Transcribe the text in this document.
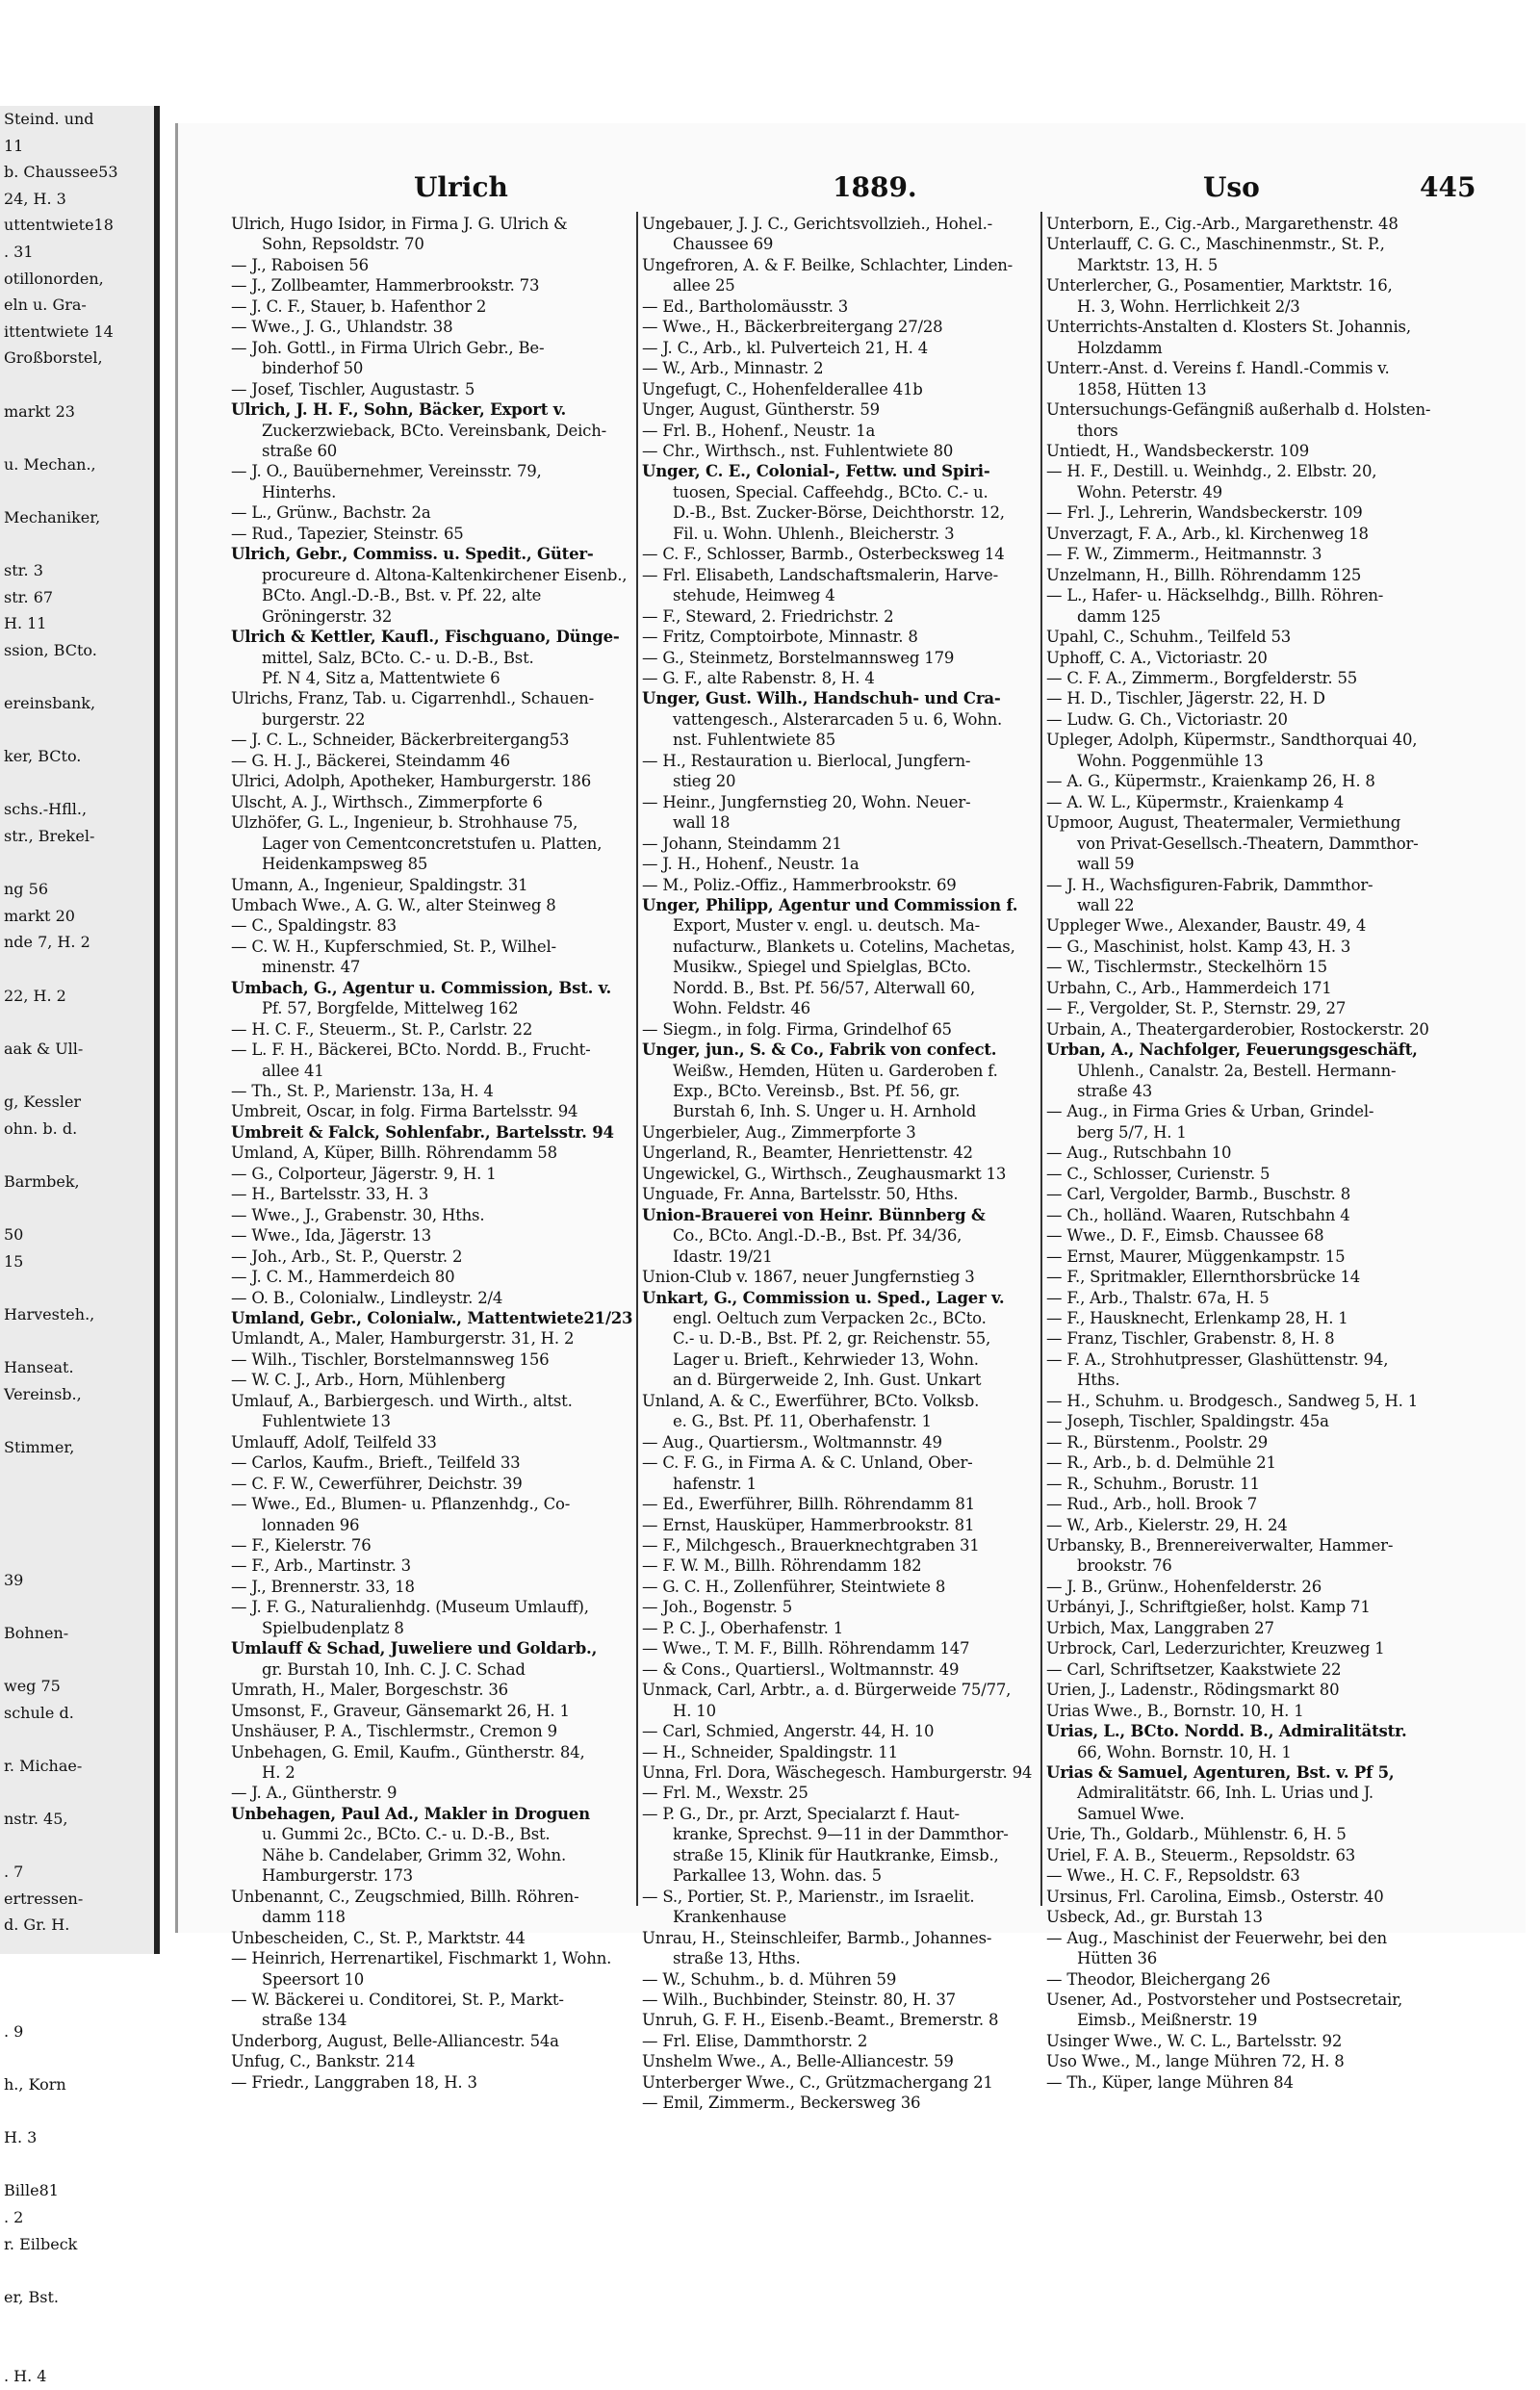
Steind. und
11
b. Chaussee53
24, H. 3
uttentwiete18
. 31
otillonorden,
eln u. Gra-
ittentwiete 14
Großborstel,

markt 23

u. Mechan.,

Mechaniker,

str. 3
str. 67
H. 11
ssion, BCto.

ereinsbank,

ker, BCto.

schs.-Hfll.,
str., Brekel-

ng 56
markt 20
nde 7, H. 2

22, H. 2

aak & Ull-

g, Kessler
ohn. b. d.

Barmbek,

50
15

Harvesteh.,

Hanseat.
Vereinsb.,

Stimmer,

39

Bohnen-

weg 75
schule d.

r. Michae-

nstr. 45,

. 7
ertressen-
d. Gr. H.

. 9

h., Korn

H. 3

Bille81
. 2
r. Eilbeck

er, Bst.

. H. 4
Ulrich	1889.	Uso	445
Ulrich, Hugo Isidor, in Firma J. G. Ulrich &
Sohn, Repsoldstr. 70
— J., Raboisen 56
— J., Zollbeamter, Hammerbrookstr. 73
— J. C. F., Stauer, b. Hafenthor 2
— Wwe., J. G., Uhlandstr. 38
— Joh. Gottl., in Firma Ulrich Gebr., Be-
binderhof 50
— Josef, Tischler, Augustastr. 5
Ulrich, J. H. F., Sohn, Bäcker, Export v.
Zuckerzwieback, BCto. Vereinsbank, Deich-
straße 60
— J. O., Bauübernehmer, Vereinsstr. 79,
Hinterhs.
— L., Grünw., Bachstr. 2a
— Rud., Tapezier, Steinstr. 65
Ulrich, Gebr., Commiss. u. Spedit., Güter-
procureure d. Altona-Kaltenkirchener Eisenb.,
BCto. Angl.-D.-B., Bst. v. Pf. 22, alte
Gröningerstr. 32
Ulrich & Kettler, Kaufl., Fischguano, Dünge-
mittel, Salz, BCto. C.- u. D.-B., Bst.
Pf. N 4, Sitz a, Mattentwiete 6
Ulrichs, Franz, Tab. u. Cigarrenhdl., Schauen-
burgerstr. 22
— J. C. L., Schneider, Bäckerbreitergang53
— G. H. J., Bäckerei, Steindamm 46
Ulrici, Adolph, Apotheker, Hamburgerstr. 186
Ulscht, A. J., Wirthsch., Zimmerpforte 6
Ulzhöfer, G. L., Ingenieur, b. Strohhause 75,
Lager von Cementconcretstufen u. Platten,
Heidenkampsweg 85
Umann, A., Ingenieur, Spaldingstr. 31
Umbach Wwe., A. G. W., alter Steinweg 8
— C., Spaldingstr. 83
— C. W. H., Kupferschmied, St. P., Wilhel-
minenstr. 47
Umbach, G., Agentur u. Commission, Bst. v.
Pf. 57, Borgfelde, Mittelweg 162
— H. C. F., Steuerm., St. P., Carlstr. 22
— L. F. H., Bäckerei, BCto. Nordd. B., Frucht-
allee 41
— Th., St. P., Marienstr. 13a, H. 4
Umbreit, Oscar, in folg. Firma Bartelsstr. 94
Umbreit & Falck, Sohlenfabr., Bartelsstr. 94
Umland, A, Küper, Billh. Röhrendamm 58
— G., Colporteur, Jägerstr. 9, H. 1
— H., Bartelsstr. 33, H. 3
— Wwe., J., Grabenstr. 30, Hths.
— Wwe., Ida, Jägerstr. 13
— Joh., Arb., St. P., Querstr. 2
— J. C. M., Hammerdeich 80
— O. B., Colonialw., Lindleystr. 2/4
Umland, Gebr., Colonialw., Mattentwiete21/23
Umlandt, A., Maler, Hamburgerstr. 31, H. 2
— Wilh., Tischler, Borstelmannsweg 156
— W. C. J., Arb., Horn, Mühlenberg
Umlauf, A., Barbiergesch. und Wirth., altst.
Fuhlentwiete 13
Umlauff, Adolf, Teilfeld 33
— Carlos, Kaufm., Brieft., Teilfeld 33
— C. F. W., Cewerführer, Deichstr. 39
— Wwe., Ed., Blumen- u. Pflanzenhdg., Co-
lonnaden 96
— F., Kielerstr. 76
— F., Arb., Martinstr. 3
— J., Brennerstr. 33, 18
— J. F. G., Naturalienhdg. (Museum Umlauff),
Spielbudenplatz 8
Umlauff & Schad, Juweliere und Goldarb.,
gr. Burstah 10, Inh. C. J. C. Schad
Umrath, H., Maler, Borgeschstr. 36
Umsonst, F., Graveur, Gänsemarkt 26, H. 1
Unshäuser, P. A., Tischlermstr., Cremon 9
Unbehagen, G. Emil, Kaufm., Güntherstr. 84,
H. 2
— J. A., Güntherstr. 9
Unbehagen, Paul Ad., Makler in Droguen
u. Gummi 2c., BCto. C.- u. D.-B., Bst.
Nähe b. Candelaber, Grimm 32, Wohn.
Hamburgerstr. 173
Unbenannt, C., Zeugschmied, Billh. Röhren-
damm 118
Unbescheiden, C., St. P., Marktstr. 44
— Heinrich, Herrenartikel, Fischmarkt 1, Wohn.
Speersort 10
— W. Bäckerei u. Conditorei, St. P., Markt-
straße 134
Underborg, August, Belle-Alliancestr. 54a
Unfug, C., Bankstr. 214
— Friedr., Langgraben 18, H. 3
Ungebauer, J. J. C., Gerichtsvollzieh., Hohel.-
Chaussee 69
Ungefroren, A. & F. Beilke, Schlachter, Linden-
allee 25
— Ed., Bartholomäusstr. 3
— Wwe., H., Bäckerbreitergang 27/28
— J. C., Arb., kl. Pulverteich 21, H. 4
— W., Arb., Minnastr. 2
Ungefugt, C., Hohenfelderallee 41b
Unger, August, Güntherstr. 59
— Frl. B., Hohenf., Neustr. 1a
— Chr., Wirthsch., nst. Fuhlentwiete 80
Unger, C. E., Colonial-, Fettw. und Spiri-
tuosen, Special. Caffeehdg., BCto. C.- u.
D.-B., Bst. Zucker-Börse, Deichthorstr. 12,
Fil. u. Wohn. Uhlenh., Bleicherstr. 3
— C. F., Schlosser, Barmb., Osterbecksweg 14
— Frl. Elisabeth, Landschaftsmalerin, Harve-
stehude, Heimweg 4
— F., Steward, 2. Friedrichstr. 2
— Fritz, Comptoirbote, Minnastr. 8
— G., Steinmetz, Borstelmannsweg 179
— G. F., alte Rabenstr. 8, H. 4
Unger, Gust. Wilh., Handschuh- und Cra-
vattengesch., Alsterarcaden 5 u. 6, Wohn.
nst. Fuhlentwiete 85
— H., Restauration u. Bierlocal, Jungfern-
stieg 20
— Heinr., Jungfernstieg 20, Wohn. Neuer-
wall 18
— Johann, Steindamm 21
— J. H., Hohenf., Neustr. 1a
— M., Poliz.-Offiz., Hammerbrookstr. 69
Unger, Philipp, Agentur und Commission f.
Export, Muster v. engl. u. deutsch. Ma-
nufacturw., Blankets u. Cotelins, Machetas,
Musikw., Spiegel und Spielglas, BCto.
Nordd. B., Bst. Pf. 56/57, Alterwall 60,
Wohn. Feldstr. 46
— Siegm., in folg. Firma, Grindelhof 65
Unger, jun., S. & Co., Fabrik von confect.
Weißw., Hemden, Hüten u. Garderoben f.
Exp., BCto. Vereinsb., Bst. Pf. 56, gr.
Burstah 6, Inh. S. Unger u. H. Arnhold
Ungerbieler, Aug., Zimmerpforte 3
Ungerland, R., Beamter, Henriettenstr. 42
Ungewickel, G., Wirthsch., Zeughausmarkt 13
Unguade, Fr. Anna, Bartelsstr. 50, Hths.
Union-Brauerei von Heinr. Bünnberg &
Co., BCto. Angl.-D.-B., Bst. Pf. 34/36,
Idastr. 19/21
Union-Club v. 1867, neuer Jungfernstieg 3
Unkart, G., Commission u. Sped., Lager v.
engl. Oeltuch zum Verpacken 2c., BCto.
C.- u. D.-B., Bst. Pf. 2, gr. Reichenstr. 55,
Lager u. Brieft., Kehrwieder 13, Wohn.
an d. Bürgerweide 2, Inh. Gust. Unkart
Unland, A. & C., Ewerführer, BCto. Volksb.
e. G., Bst. Pf. 11, Oberhafenstr. 1
— Aug., Quartiersm., Woltmannstr. 49
— C. F. G., in Firma A. & C. Unland, Ober-
hafenstr. 1
— Ed., Ewerführer, Billh. Röhrendamm 81
— Ernst, Hausküper, Hammerbrookstr. 81
— F., Milchgesch., Brauerknechtgraben 31
— F. W. M., Billh. Röhrendamm 182
— G. C. H., Zollenführer, Steintwiete 8
— Joh., Bogenstr. 5
— P. C. J., Oberhafenstr. 1
— Wwe., T. M. F., Billh. Röhrendamm 147
— & Cons., Quartiersl., Woltmannstr. 49
Unmack, Carl, Arbtr., a. d. Bürgerweide 75/77,
H. 10
— Carl, Schmied, Angerstr. 44, H. 10
— H., Schneider, Spaldingstr. 11
Unna, Frl. Dora, Wäschegesch. Hamburgerstr. 94
— Frl. M., Wexstr. 25
— P. G., Dr., pr. Arzt, Specialarzt f. Haut-
kranke, Sprechst. 9—11 in der Dammthor-
straße 15, Klinik für Hautkranke, Eimsb.,
Parkallee 13, Wohn. das. 5
— S., Portier, St. P., Marienstr., im Israelit.
Krankenhause
Unrau, H., Steinschleifer, Barmb., Johannes-
straße 13, Hths.
— W., Schuhm., b. d. Mühren 59
— Wilh., Buchbinder, Steinstr. 80, H. 37
Unruh, G. F. H., Eisenb.-Beamt., Bremerstr. 8
— Frl. Elise, Dammthorstr. 2
Unshelm Wwe., A., Belle-Alliancestr. 59
Unterberger Wwe., C., Grützmachergang 21
— Emil, Zimmerm., Beckersweg 36
Unterborn, E., Cig.-Arb., Margarethenstr. 48
Unterlauff, C. G. C., Maschinenmstr., St. P.,
Marktstr. 13, H. 5
Unterlercher, G., Posamentier, Marktstr. 16,
H. 3, Wohn. Herrlichkeit 2/3
Unterrichts-Anstalten d. Klosters St. Johannis,
Holzdamm
Unterr.-Anst. d. Vereins f. Handl.-Commis v.
1858, Hütten 13
Untersuchungs-Gefängniß außerhalb d. Holsten-
thors
Untiedt, H., Wandsbeckerstr. 109
— H. F., Destill. u. Weinhdg., 2. Elbstr. 20,
Wohn. Peterstr. 49
— Frl. J., Lehrerin, Wandsbeckerstr. 109
Unverzagt, F. A., Arb., kl. Kirchenweg 18
— F. W., Zimmerm., Heitmannstr. 3
Unzelmann, H., Billh. Röhrendamm 125
— L., Hafer- u. Häckselhdg., Billh. Röhren-
damm 125
Upahl, C., Schuhm., Teilfeld 53
Uphoff, C. A., Victoriastr. 20
— C. F. A., Zimmerm., Borgfelderstr. 55
— H. D., Tischler, Jägerstr. 22, H. D
— Ludw. G. Ch., Victoriastr. 20
Upleger, Adolph, Küpermstr., Sandthorquai 40,
Wohn. Poggenmühle 13
— A. G., Küpermstr., Kraienkamp 26, H. 8
— A. W. L., Küpermstr., Kraienkamp 4
Upmoor, August, Theatermaler, Vermiethung
von Privat-Gesellsch.-Theatern, Dammthor-
wall 59
— J. H., Wachsfiguren-Fabrik, Dammthor-
wall 22
Uppleger Wwe., Alexander, Baustr. 49, 4
— G., Maschinist, holst. Kamp 43, H. 3
— W., Tischlermstr., Steckelhörn 15
Urbahn, C., Arb., Hammerdeich 171
— F., Vergolder, St. P., Sternstr. 29, 27
Urbain, A., Theatergarderobier, Rostockerstr. 20
Urban, A., Nachfolger, Feuerungsgeschäft,
Uhlenh., Canalstr. 2a, Bestell. Hermann-
straße 43
— Aug., in Firma Gries & Urban, Grindel-
berg 5/7, H. 1
— Aug., Rutschbahn 10
— C., Schlosser, Curienstr. 5
— Carl, Vergolder, Barmb., Buschstr. 8
— Ch., holländ. Waaren, Rutschbahn 4
— Wwe., D. F., Eimsb. Chaussee 68
— Ernst, Maurer, Müggenkampstr. 15
— F., Spritmakler, Ellernthorsbrücke 14
— F., Arb., Thalstr. 67a, H. 5
— F., Hausknecht, Erlenkamp 28, H. 1
— Franz, Tischler, Grabenstr. 8, H. 8
— F. A., Strohhutpresser, Glashüttenstr. 94,
Hths.
— H., Schuhm. u. Brodgesch., Sandweg 5, H. 1
— Joseph, Tischler, Spaldingstr. 45a
— R., Bürstenm., Poolstr. 29
— R., Arb., b. d. Delmühle 21
— R., Schuhm., Borustr. 11
— Rud., Arb., holl. Brook 7
— W., Arb., Kielerstr. 29, H. 24
Urbansky, B., Brennereiverwalter, Hammer-
brookstr. 76
— J. B., Grünw., Hohenfelderstr. 26
Urbányi, J., Schriftgießer, holst. Kamp 71
Urbich, Max, Langgraben 27
Urbrock, Carl, Lederzurichter, Kreuzweg 1
— Carl, Schriftsetzer, Kaakstwiete 22
Urien, J., Ladenstr., Rödingsmarkt 80
Urias Wwe., B., Bornstr. 10, H. 1
Urias, L., BCto. Nordd. B., Admiralitätstr.
66, Wohn. Bornstr. 10, H. 1
Urias & Samuel, Agenturen, Bst. v. Pf 5,
Admiralitätstr. 66, Inh. L. Urias und J.
Samuel Wwe.
Urie, Th., Goldarb., Mühlenstr. 6, H. 5
Uriel, F. A. B., Steuerm., Repsoldstr. 63
— Wwe., H. C. F., Repsoldstr. 63
Ursinus, Frl. Carolina, Eimsb., Osterstr. 40
Usbeck, Ad., gr. Burstah 13
— Aug., Maschinist der Feuerwehr, bei den
Hütten 36
— Theodor, Bleichergang 26
Usener, Ad., Postvorsteher und Postsecretair,
Eimsb., Meißnerstr. 19
Usinger Wwe., W. C. L., Bartelsstr. 92
Uso Wwe., M., lange Mühren 72, H. 8
— Th., Küper, lange Mühren 84
